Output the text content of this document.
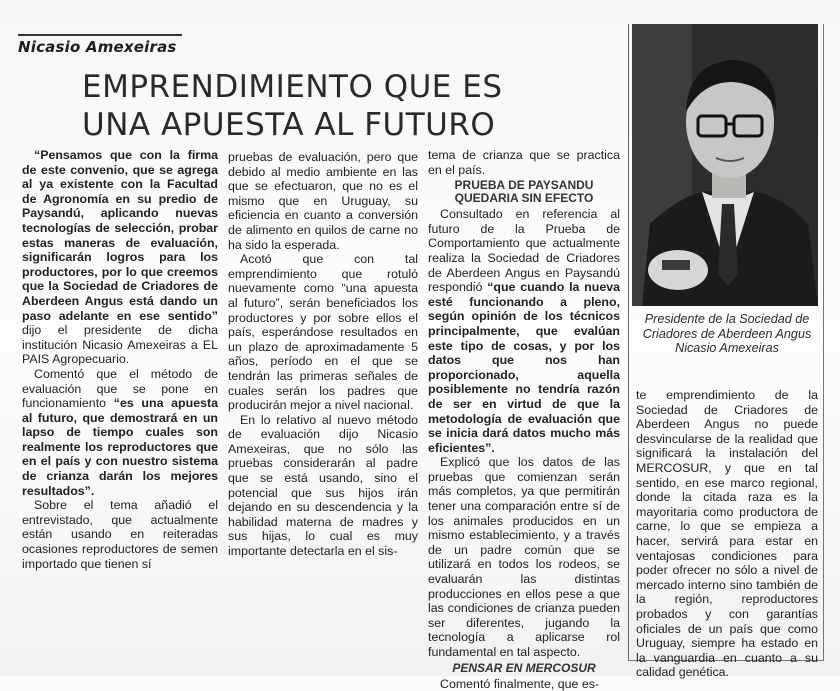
Nicasio Amexeiras
EMPRENDIMIENTO QUE ES
UNA APUESTA AL FUTURO

“Pensamos que con la firma de este convenio, que se agrega al ya existente con la Facultad de Agronomía en su predio de Paysandú, aplicando nuevas tecnologías de selección, probar estas maneras de evaluación, significarán logros para los productores, por lo que creemos que la Sociedad de Criadores de Aberdeen Angus está dando un paso adelante en ese sentido” dijo el presidente de dicha institución Nicasio Amexeiras a EL PAIS Agropecuario.

Comentó que el método de evaluación que se pone en funcionamiento “es una apuesta al futuro, que demostrará en un lapso de tiempo cuales son realmente los reproductores que en el país y con nuestro sistema de crianza darán los mejores resultados”.

Sobre el tema añadió el entrevistado, que actualmente están usando en reiteradas ocasiones reproductores de semen importado que tienen sí

pruebas de evaluación, pero que debido al medio ambiente en las que se efectuaron, que no es el mismo que en Uruguay, su eficiencia en cuanto a conversión de alimento en quilos de carne no ha sido la esperada.

Acotó que con tal emprendimiento que rotuló nuevamente como “una apuesta al futuro”, serán beneficiados los productores y por sobre ellos el país, esperándose resultados en un plazo de aproximadamente 5 años, período en el que se tendrán las primeras señales de cuales serán los padres que producirán mejor a nivel nacional.

En lo relativo al nuevo método de evaluación dijo Nicasio Amexeiras, que no sólo las pruebas considerarán al padre que se está usando, sino el potencial que sus hijos irán dejando en su descendencia y la habilidad materna de madres y sus hijas, lo cual es muy importante detectarla en el sis-

tema de crianza que se practica en el país.

PRUEBA DE PAYSANDU
QUEDARIA SIN EFECTO

Consultado en referencia al futuro de la Prueba de Comportamiento que actualmente realiza la Sociedad de Criadores de Aberdeen Angus en Paysandú respondió “que cuando la nueva esté funcionando a pleno, según opinión de los técnicos principalmente, que evalúan este tipo de cosas, y por los datos que nos han proporcionado, aquella posiblemente no tendría razón de ser en virtud de que la metodología de evaluación que se inicia dará datos mucho más eficientes”.

Explicó que los datos de las pruebas que comienzan serán más completos, ya que permitirán tener una comparación entre sí de los animales producidos en un mismo establecimiento, y a través de un padre común que se utilizará en todos los rodeos, se evaluarán las distintas producciones en ellos pese a que las condiciones de crianza pueden ser diferentes, jugando la tecnología a aplicarse rol fundamental en tal aspecto.

PENSAR EN MERCOSUR

Comentó finalmente, que es-

Presidente de la Sociedad de Criadores de Aberdeen Angus Nicasio Amexeiras

te emprendimiento de la Sociedad de Criadores de Aberdeen Angus no puede desvincularse de la realidad que significará la instalación del MERCOSUR, y que en tal sentido, en ese marco regional, donde la citada raza es la mayoritaria como productora de carne, lo que se empieza a hacer, servirá para estar en ventajosas condiciones para poder ofrecer no sólo a nivel de mercado interno sino también de la región, reproductores probados y con garantías oficiales de un país que como Uruguay, siempre ha estado en la vanguardia en cuanto a su calidad genética.
